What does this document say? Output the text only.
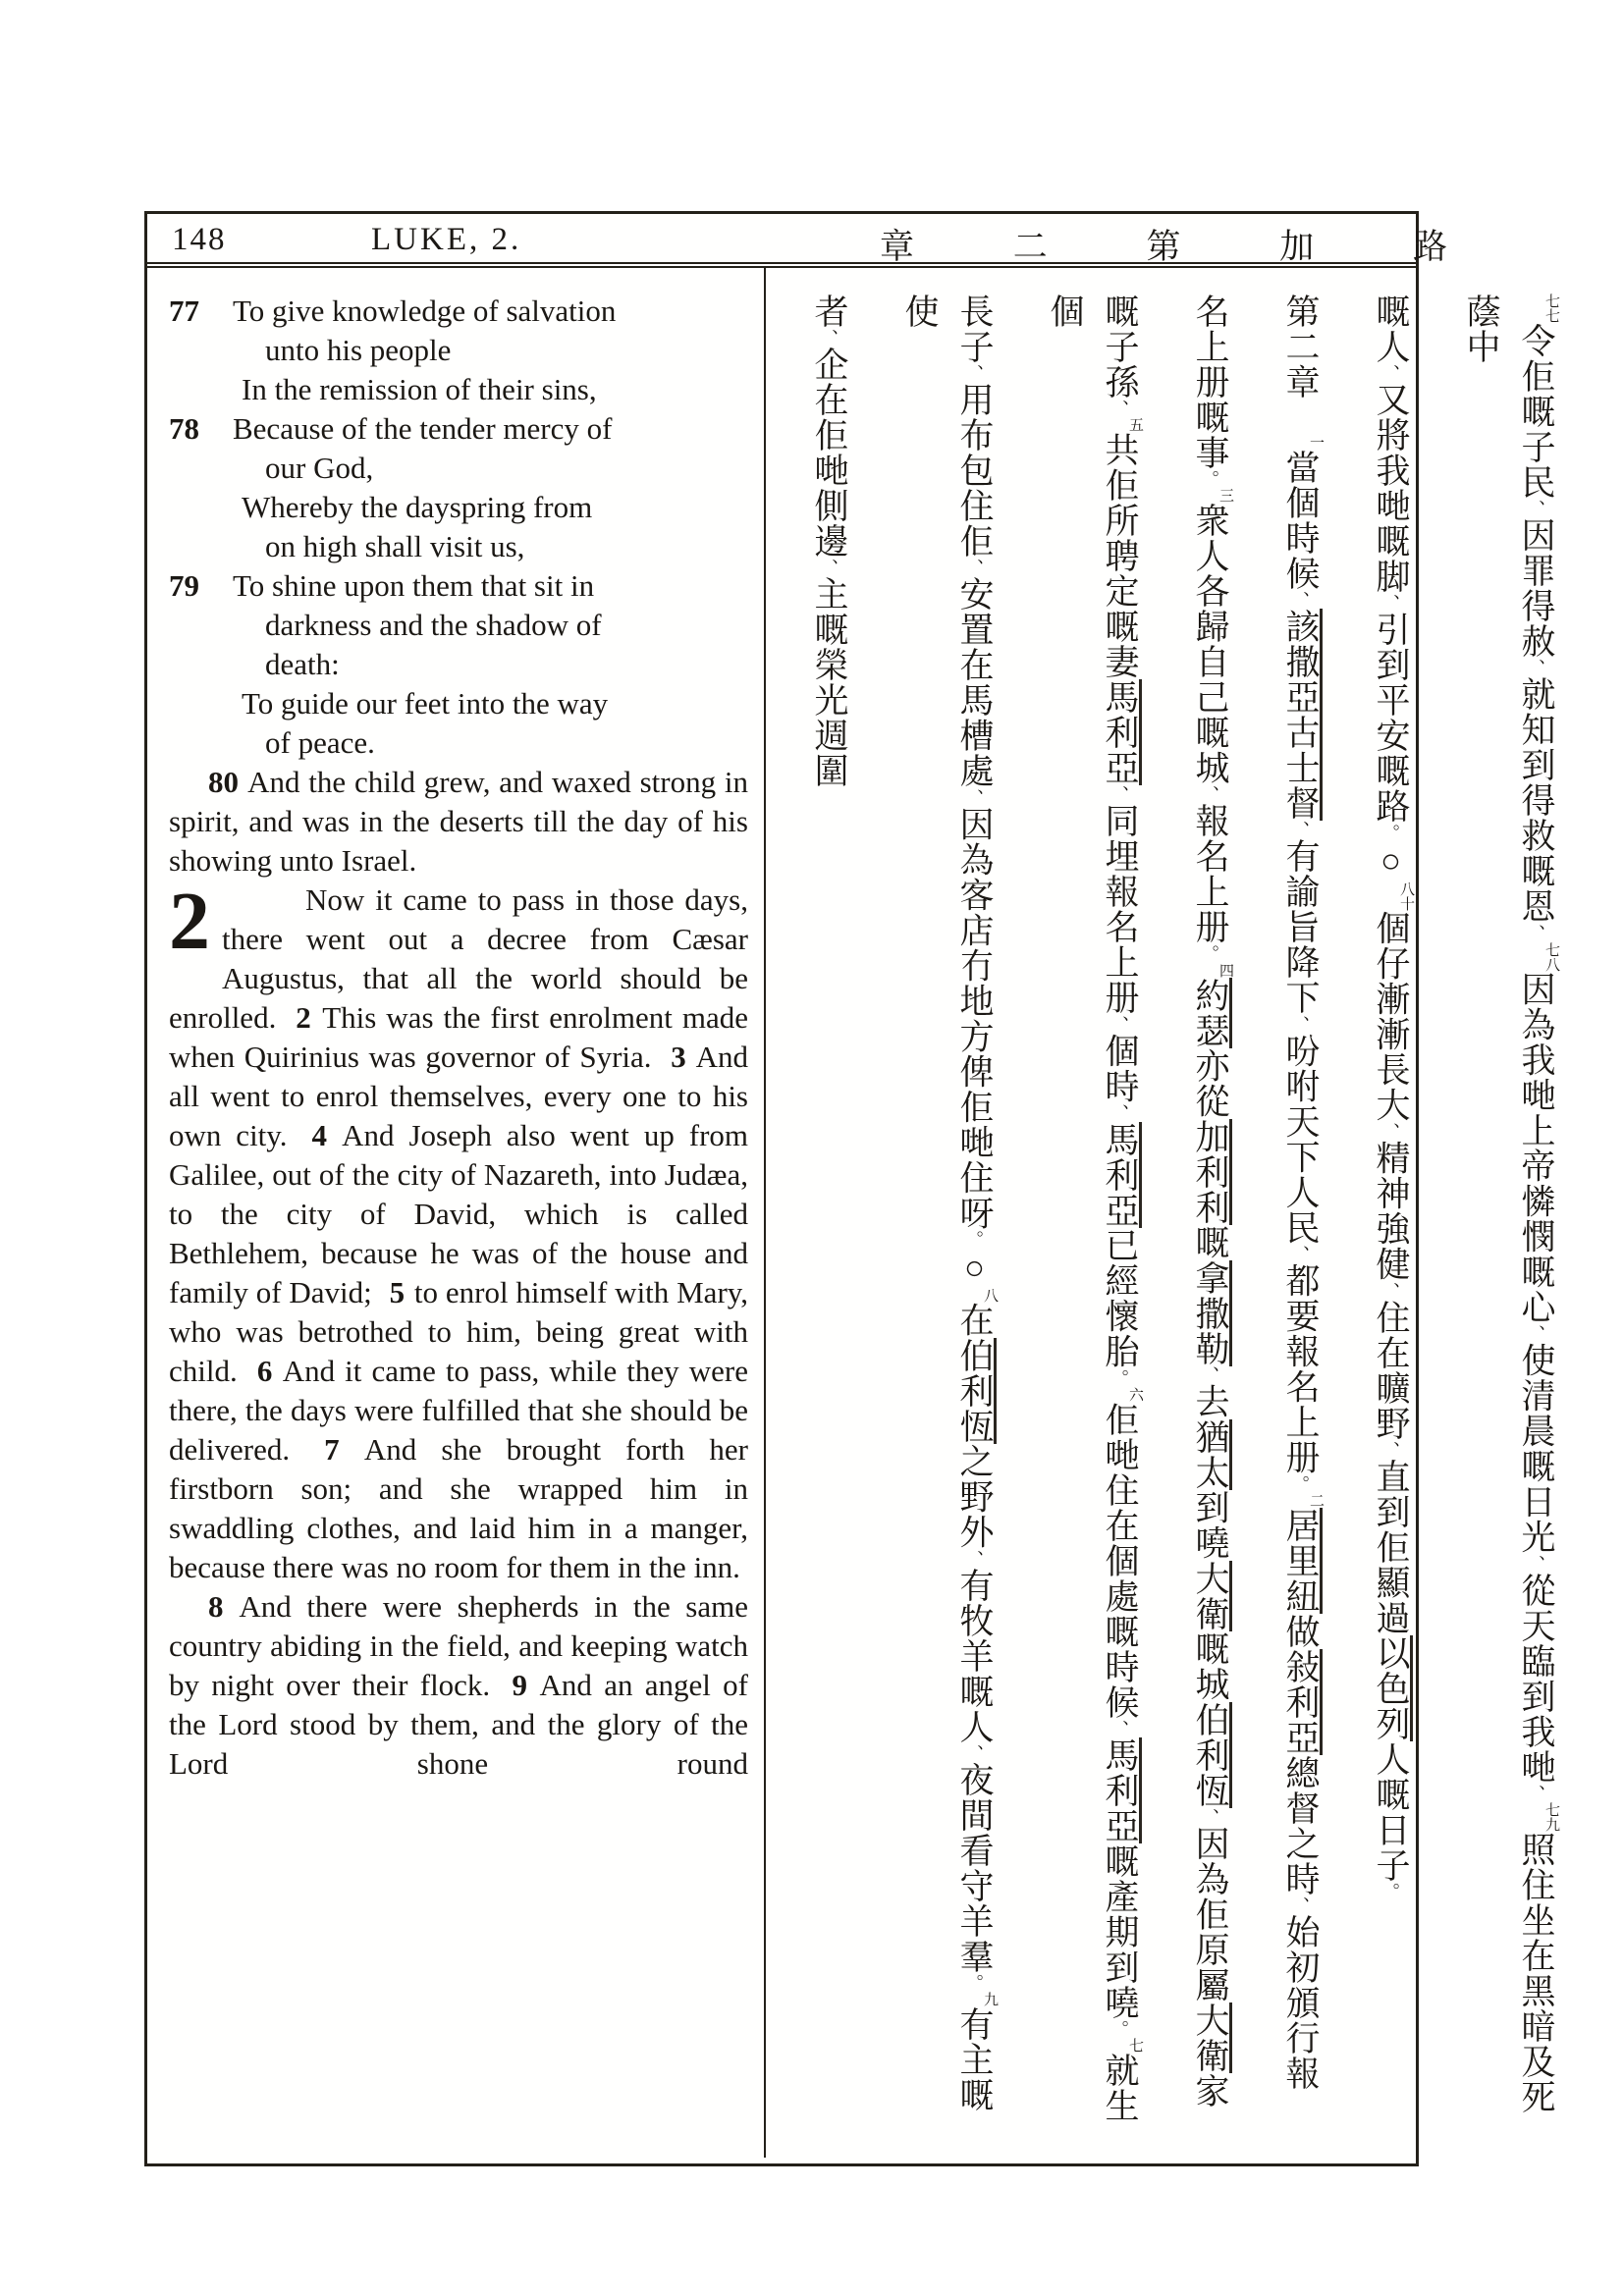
148	LUKE, 2.	章 二 第 加 路
77 To give knowledge of salvation
unto his people
In the remission of their sins,
78 Because of the tender mercy of
our God,
Whereby the dayspring from
on high shall visit us,
79 To shine upon them that sit in
darkness and the shadow of
death:
To guide our feet into the way
of peace.

80 And the child grew, and waxed strong in spirit, and was in the deserts till the day of his showing unto Israel.

2	Now it came to pass in those days, there went out a decree from Cæsar Augustus, that all the world should be enrolled. 2 This was the first enrolment made when Quirinius was governor of Syria. 3 And all went to enrol themselves, every one to his own city. 4 And Joseph also went up from Galilee, out of the city of Nazareth, into Judæa, to the city of David, which is called Bethlehem, because he was of the house and family of David; 5 to enrol himself with Mary, who was betrothed to him, being great with child. 6 And it came to pass, while they were there, the days were fulfilled that she should be delivered. 7 And she brought forth her firstborn son; and she wrapped him in swaddling clothes, and laid him in a manger, because there was no room for them in the inn.

8 And there were shepherds in the same country abiding in the field, and keeping watch by night over their flock. 9 And an angel of the Lord stood by them, and the glory of the Lord shone round

七七令佢嘅子民、因罪得赦、就知到得救嘅恩、七八因為我哋上帝憐憫嘅心、使清晨嘅日光、從天臨到我哋、七九照住坐在黑暗及死蔭中
嘅人、又將我哋嘅脚、引到平安嘅路。○八十個仔漸漸長大、精神強健、住在曠野、直到佢顯過以色列人嘅日子。
第二章　一當個時候、該撒亞古士督、有諭旨降下、吩咐天下人民、都要報名上册。二居里紐做敍利亞總督之時、始初頒行報
名上册嘅事。三衆人各歸自己嘅城、報名上册。四約瑟亦從加利利嘅拿撒勒、去猶太到嘵大衛嘅城伯利恆、因為佢原屬大衛家
嘅子孫、五共佢所聘定嘅妻馬利亞、同埋報名上册、個時、馬利亞已經懷胎。六佢哋住在個處嘅時候、馬利亞嘅產期到嘵。七就生個
長子、用布包住佢、安置在馬槽處、因為客店冇地方俾佢哋住呀。○八在伯利恆之野外、有牧羊嘅人、夜間看守羊羣。九有主嘅使
者、企在佢哋側邊、主嘅榮光週圍
